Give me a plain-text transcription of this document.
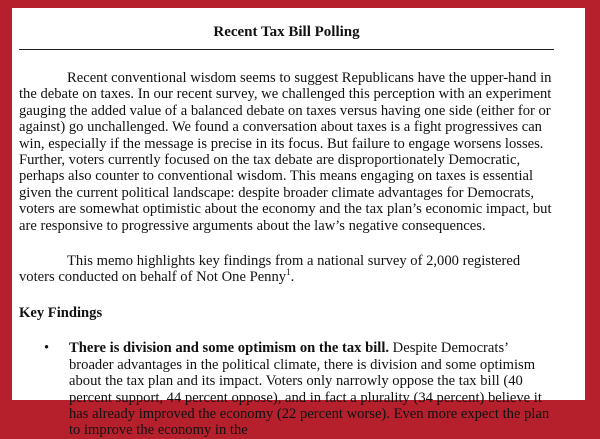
Recent Tax Bill Polling

Recent conventional wisdom seems to suggest Republicans have the upper-hand in the debate on taxes. In our recent survey, we challenged this perception with an experiment gauging the added value of a balanced debate on taxes versus having one side (either for or against) go unchallenged. We found a conversation about taxes is a fight progressives can win, especially if the message is precise in its focus. But failure to engage worsens losses. Further, voters currently focused on the tax debate are disproportionately Democratic, perhaps also counter to conventional wisdom. This means engaging on taxes is essential given the current political landscape: despite broader climate advantages for Democrats, voters are somewhat optimistic about the economy and the tax plan’s economic impact, but are responsive to progressive arguments about the law’s negative consequences.

This memo highlights key findings from a national survey of 2,000 registered voters conducted on behalf of Not One Penny$^1$.

Key Findings

• There is division and some optimism on the tax bill. Despite Democrats’ broader advantages in the political climate, there is division and some optimism about the tax plan and its impact. Voters only narrowly oppose the tax bill (40 percent support, 44 percent oppose), and in fact a plurality (34 percent) believe it has already improved the economy (22 percent worse). Even more expect the plan to improve the economy in the
